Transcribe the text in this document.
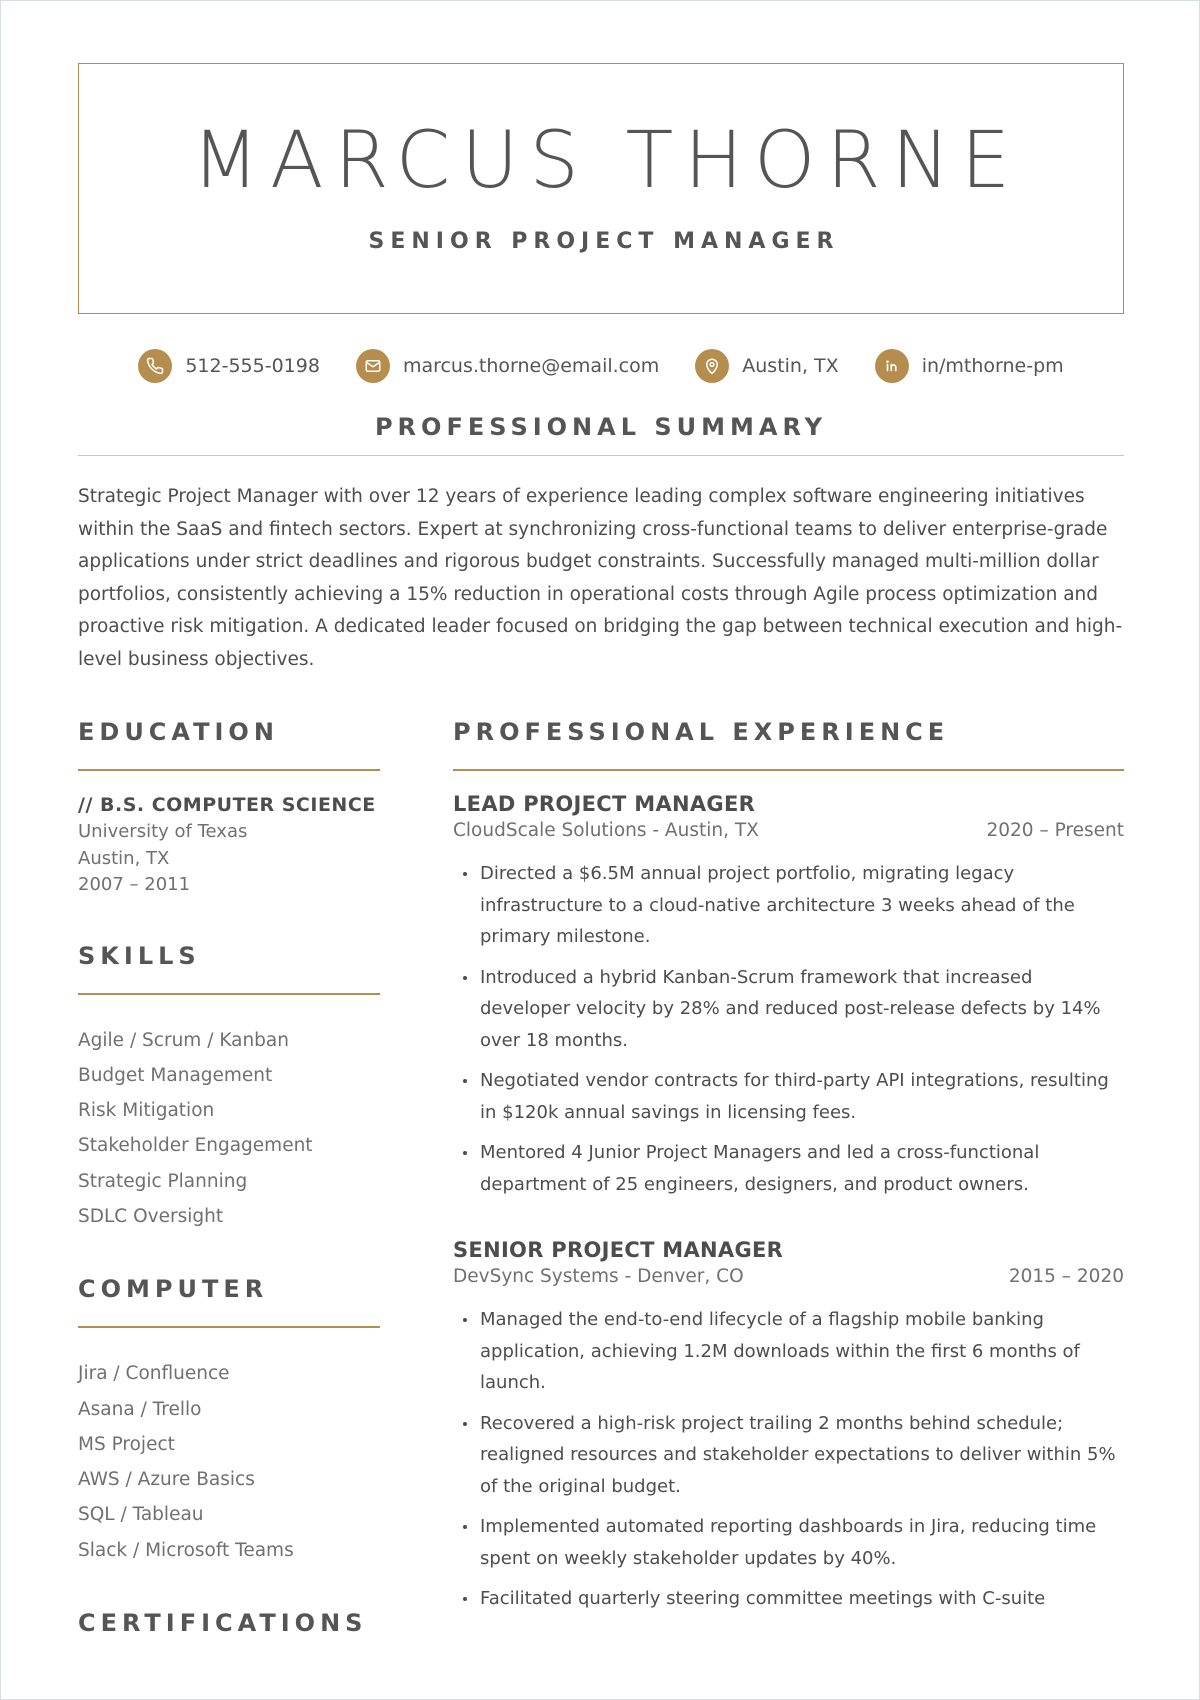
MARCUS THORNE
SENIOR PROJECT MANAGER
512-555-0198	marcus.thorne@email.com	Austin, TX	in/mthorne-pm
PROFESSIONAL SUMMARY

Strategic Project Manager with over 12 years of experience leading complex software engineering initiatives within the SaaS and fintech sectors. Expert at synchronizing cross-functional teams to deliver enterprise-grade applications under strict deadlines and rigorous budget constraints. Successfully managed multi-million dollar portfolios, consistently achieving a 15% reduction in operational costs through Agile process optimization and proactive risk mitigation. A dedicated leader focused on bridging the gap between technical execution and high-level business objectives.

EDUCATION
// B.S. COMPUTER SCIENCE
University of Texas
Austin, TX
2007 – 2011
SKILLS
Agile / Scrum / Kanban
Budget Management
Risk Mitigation
Stakeholder Engagement
Strategic Planning
SDLC Oversight
COMPUTER
Jira / Confluence
Asana / Trello
MS Project
AWS / Azure Basics
SQL / Tableau
Slack / Microsoft Teams
CERTIFICATIONS
PROFESSIONAL EXPERIENCE
LEAD PROJECT MANAGER
CloudScale Solutions - Austin, TX	2020 – Present
Directed a $6.5M annual project portfolio, migrating legacy infrastructure to a cloud-native architecture 3 weeks ahead of the primary milestone.
Introduced a hybrid Kanban-Scrum framework that increased developer velocity by 28% and reduced post-release defects by 14% over 18 months.
Negotiated vendor contracts for third-party API integrations, resulting in $120k annual savings in licensing fees.
Mentored 4 Junior Project Managers and led a cross-functional department of 25 engineers, designers, and product owners.
SENIOR PROJECT MANAGER
DevSync Systems - Denver, CO	2015 – 2020
Managed the end-to-end lifecycle of a flagship mobile banking application, achieving 1.2M downloads within the first 6 months of launch.
Recovered a high-risk project trailing 2 months behind schedule; realigned resources and stakeholder expectations to deliver within 5% of the original budget.
Implemented automated reporting dashboards in Jira, reducing time spent on weekly stakeholder updates by 40%.
Facilitated quarterly steering committee meetings with C-suite
